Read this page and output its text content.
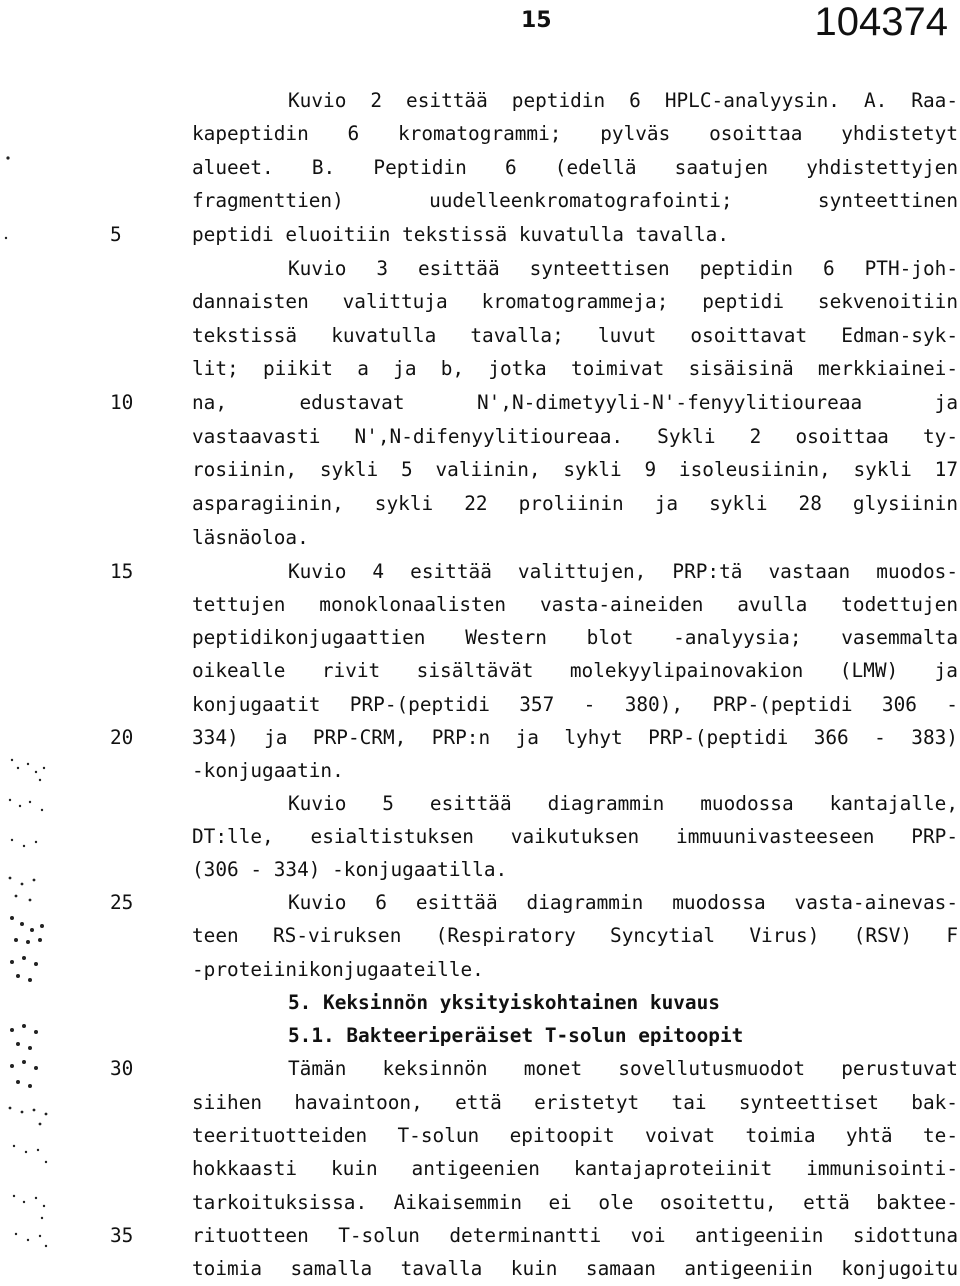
15	104374
5
10
15
20
25
30
35
Kuvio 2 esittää peptidin 6 HPLC-analyysin. A. Raa-
kapeptidin 6 kromatogrammi; pylväs osoittaa yhdistetyt
alueet. B. Peptidin 6 (edellä saatujen yhdistettyjen
fragmenttien) uudelleenkromatografointi; synteettinen
peptidi eluoitiin tekstissä kuvatulla tavalla.
Kuvio 3 esittää synteettisen peptidin 6 PTH-joh-
dannaisten valittuja kromatogrammeja; peptidi sekvenoitiin
tekstissä kuvatulla tavalla; luvut osoittavat Edman-syk-
lit; piikit a ja b, jotka toimivat sisäisinä merkkiainei-
na, edustavat N',N-dimetyyli-N'-fenyylitioureaa ja
vastaavasti N',N-difenyylitioureaa. Sykli 2 osoittaa ty-
rosiinin, sykli 5 valiinin, sykli 9 isoleusiinin, sykli 17
asparagiinin, sykli 22 proliinin ja sykli 28 glysiinin
läsnäoloa.
Kuvio 4 esittää valittujen, PRP:tä vastaan muodos-
tettujen monoklonaalisten vasta-aineiden avulla todettujen
peptidikonjugaattien Western blot -analyysia; vasemmalta
oikealle rivit sisältävät molekyylipainovakion (LMW) ja
konjugaatit PRP-(peptidi 357 - 380), PRP-(peptidi 306 -
334) ja PRP-CRM, PRP:n ja lyhyt PRP-(peptidi 366 - 383)
-konjugaatin.
Kuvio 5 esittää diagrammin muodossa kantajalle,
DT:lle, esialtistuksen vaikutuksen immuunivasteeseen PRP-
(306 - 334) -konjugaatilla.
Kuvio 6 esittää diagrammin muodossa vasta-ainevas-
teen RS-viruksen (Respiratory Syncytial Virus) (RSV) F
-proteiinikonjugaateille.
5. Keksinnön yksityiskohtainen kuvaus
5.1. Bakteeriperäiset T-solun epitoopit
Tämän keksinnön monet sovellutusmuodot perustuvat
siihen havaintoon, että eristetyt tai synteettiset bak-
teerituotteiden T-solun epitoopit voivat toimia yhtä te-
hokkaasti kuin antigeenien kantajaproteiinit immunisointi-
tarkoituksissa. Aikaisemmin ei ole osoitettu, että baktee-
rituotteen T-solun determinantti voi antigeeniin sidottuna
toimia samalla tavalla kuin samaan antigeeniin konjugoitu
